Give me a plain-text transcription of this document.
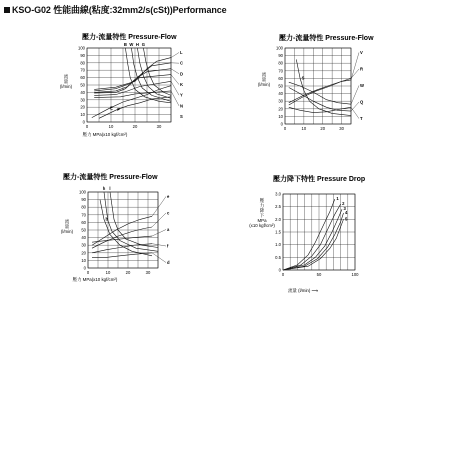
KSO-G02 性能曲線(粘度:32mm2/s(cSt))Performance
壓力-流量特性 Pressure-Flow
0
10
20
30
40
50
60
70
80
90
100
0	10	20	30
流
量
(l/min)
壓力 MPa(x10 kgf/cm²)
L
C
D
K
Y
N
S
B W H G
E F
壓力-流量特性 Pressure-Flow
0
10
20
30
40
50
60
70
80
90
100
0	10	20	30
流
量
(l/min)
V
R
W
Q
T
S
壓力-流量特性 Pressure-Flow
0
10
20
30
40
50
60
70
80
90
100
0	10	20	30
流
量
(l/min)
壓力 MPa(x10 kgf/cm²)
e
c
a
f
d
h l
b
壓力降下特性 Pressure Drop
0
0.5
1.0
1.5
2.0
2.5
3.0
0	50	100
壓
力
降
下
MPa
(x10 kgf/cm²)
流量 (l/min) ⟶
1
2
3
4
5
